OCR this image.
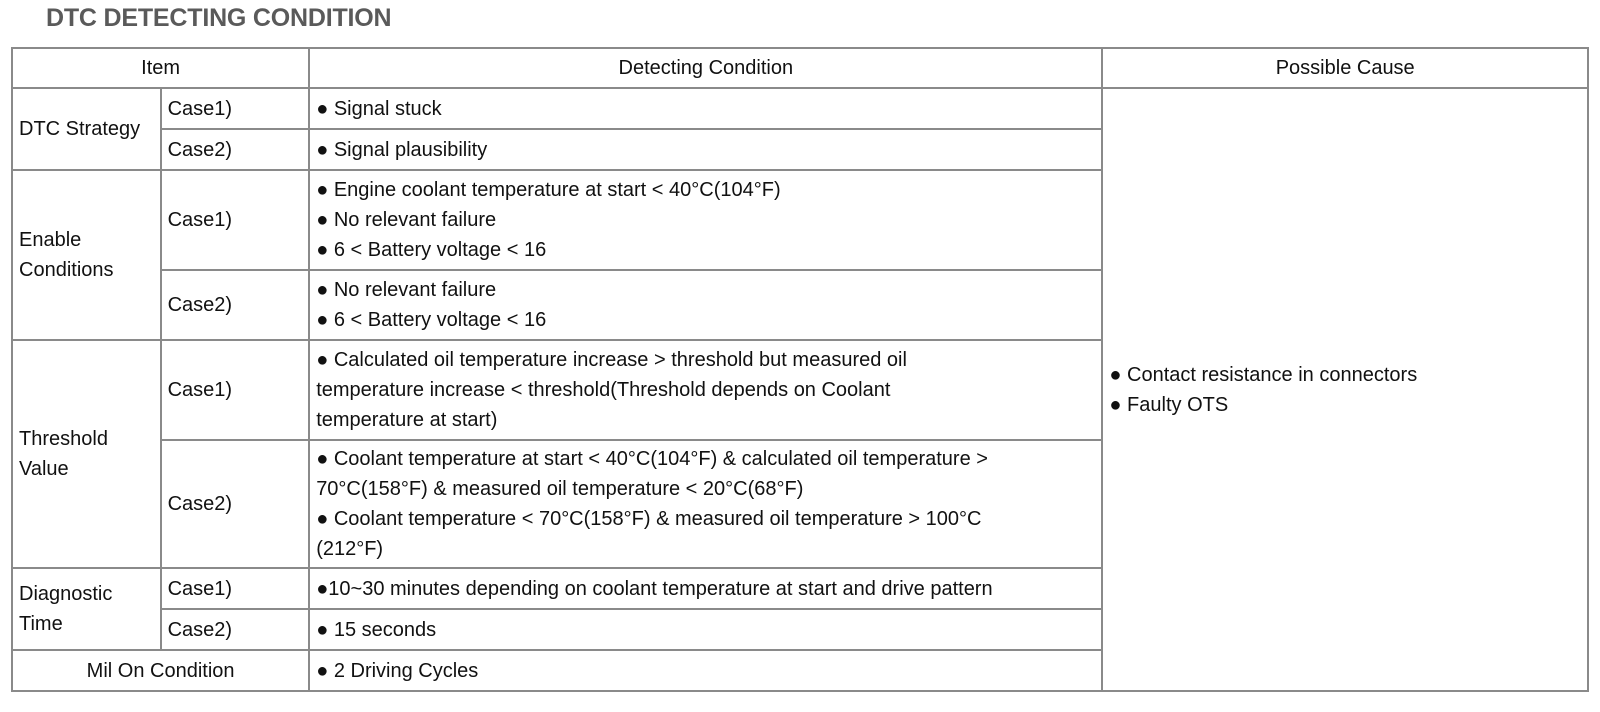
DTC DETECTING CONDITION
Item		Detecting Condition	Possible Cause
DTC Strategy	Case1)	● Signal stuck	● Contact resistance in connectors
● Faulty OTS

	Case2)	● Signal plausibility	

Enable
Conditions	Case1)	● Engine coolant temperature at start < 40°C(104°F)
● No relevant failure
● 6 < Battery voltage < 16	

	Case2)	● No relevant failure
● 6 < Battery voltage < 16	

Threshold
Value	Case1)	● Calculated oil temperature increase > threshold but measured oil
temperature increase < threshold(Threshold depends on Coolant
temperature at start)	

	Case2)	● Coolant temperature at start < 40°C(104°F) & calculated oil temperature >
70°C(158°F) & measured oil temperature < 20°C(68°F)
● Coolant temperature < 70°C(158°F) & measured oil temperature > 100°C
(212°F)	

Diagnostic
Time	Case1)	●10~30 minutes depending on coolant temperature at start and drive pattern	

	Case2)	● 15 seconds	

Mil On Condition		● 2 Driving Cycles	
